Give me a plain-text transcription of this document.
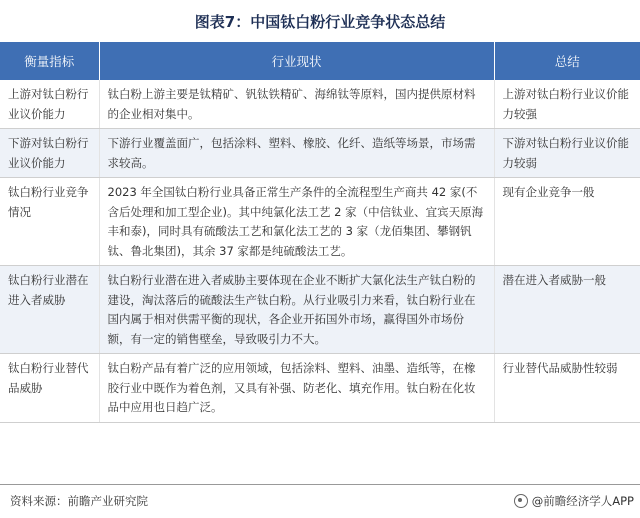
图表7：中国钛白粉行业竞争状态总结
衡量指标	行业现状	总结
上游对钛白粉行业议价能力	钛白粉上游主要是钛精矿、钒钛铁精矿、海绵钛等原料，国内提供原材料的企业相对集中。	上游对钛白粉行业议价能力较强
下游对钛白粉行业议价能力	下游行业覆盖面广，包括涂料、塑料、橡胶、化纤、造纸等场景，市场需求较高。	下游对钛白粉行业议价能力较弱
钛白粉行业竞争情况	2023 年全国钛白粉行业具备正常生产条件的全流程型生产商共 42 家(不含后处理和加工型企业)。其中纯氯化法工艺 2 家（中信钛业、宜宾天原海丰和泰)，同时具有硫酸法工艺和氯化法工艺的 3 家（龙佰集团、攀钢钒钛、鲁北集团)，其余 37 家都是纯硫酸法工艺。	现有企业竞争一般
钛白粉行业潜在进入者威胁	钛白粉行业潜在进入者威胁主要体现在企业不断扩大氯化法生产钛白粉的建设，淘汰落后的硫酸法生产钛白粉。从行业吸引力来看，钛白粉行业在国内属于相对供需平衡的现状，各企业开拓国外市场，赢得国外市场份额，有一定的销售壁垒，导致吸引力不大。	潜在进入者威胁一般
钛白粉行业替代品威胁	钛白粉产品有着广泛的应用领域，包括涂料、塑料、油墨、造纸等，在橡胶行业中既作为着色剂，又具有补强、防老化、填充作用。钛白粉在化妆品中应用也日趋广泛。	行业替代品威胁性较弱
资料来源：前瞻产业研究院	@前瞻经济学人APP
